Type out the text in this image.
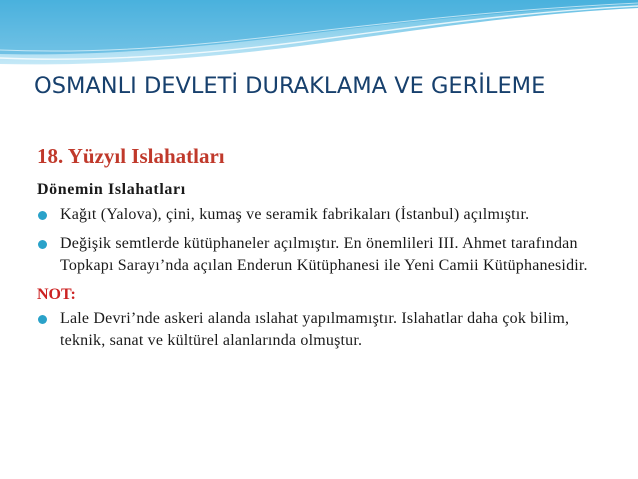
OSMANLI DEVLETİ DURAKLAMA VE GERİLEME
18. Yüzyıl Islahatları
Dönemin Islahatları
Kağıt (Yalova), çini, kumaş ve seramik fabrikaları (İstanbul) açılmıştır.
Değişik semtlerde kütüphaneler açılmıştır. En önemlileri III. Ahmet tarafından Topkapı Sarayı’nda açılan Enderun Kütüphanesi ile Yeni Camii Kütüphanesidir.
NOT:
Lale Devri’nde askeri alanda ıslahat yapılmamıştır. Islahatlar daha çok bilim, teknik, sanat ve kültürel alanlarında olmuştur.
